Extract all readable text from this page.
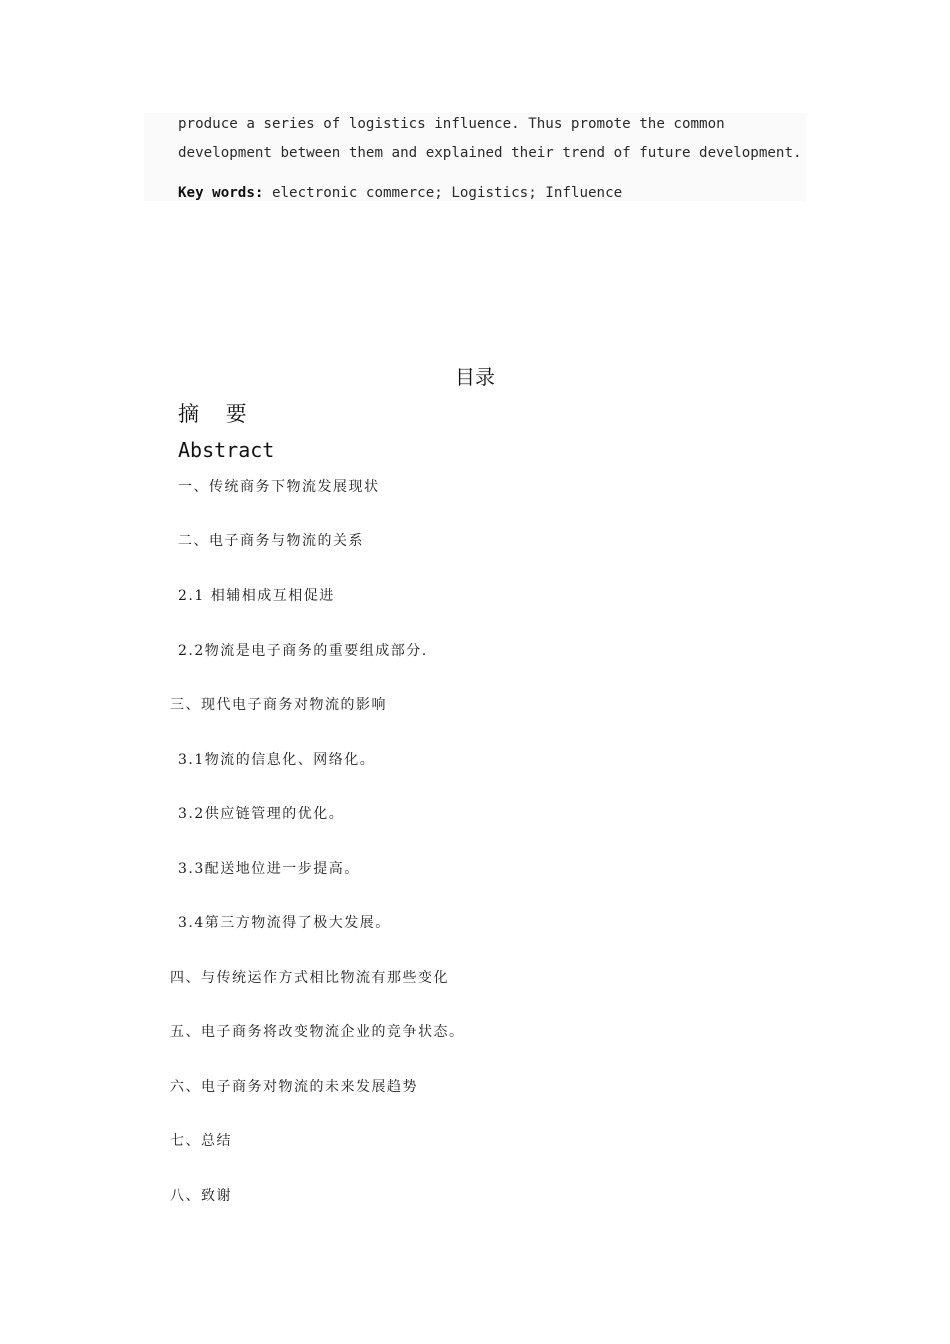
produce a series of logistics influence. Thus promote the common
development between them and explained their trend of future development.
Key words: electronic commerce; Logistics; Influence
目录
摘 要
Abstract
一、传统商务下物流发展现状
二、电子商务与物流的关系
2.1 相辅相成互相促进
2.2物流是电子商务的重要组成部分.
三、现代电子商务对物流的影响
3.1物流的信息化、网络化。
3.2供应链管理的优化。
3.3配送地位进一步提高。
3.4第三方物流得了极大发展。
四、与传统运作方式相比物流有那些变化
五、电子商务将改变物流企业的竞争状态。
六、电子商务对物流的未来发展趋势
七、总结
八、致谢
